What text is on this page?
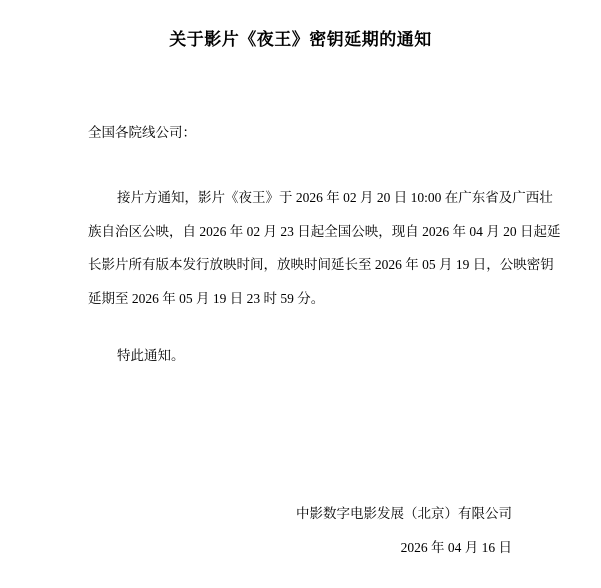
关于影片《夜王》密钥延期的通知
全国各院线公司：
接片方通知，影片《夜王》于 2026 年 02 月 20 日 10:00 在广东省及广西壮
族自治区公映，自 2026 年 02 月 23 日起全国公映，现自 2026 年 04 月 20 日起延
长影片所有版本发行放映时间，放映时间延长至 2026 年 05 月 19 日，公映密钥
延期至 2026 年 05 月 19 日 23 时 59 分。
特此通知。
中影数字电影发展（北京）有限公司
2026 年 04 月 16 日
